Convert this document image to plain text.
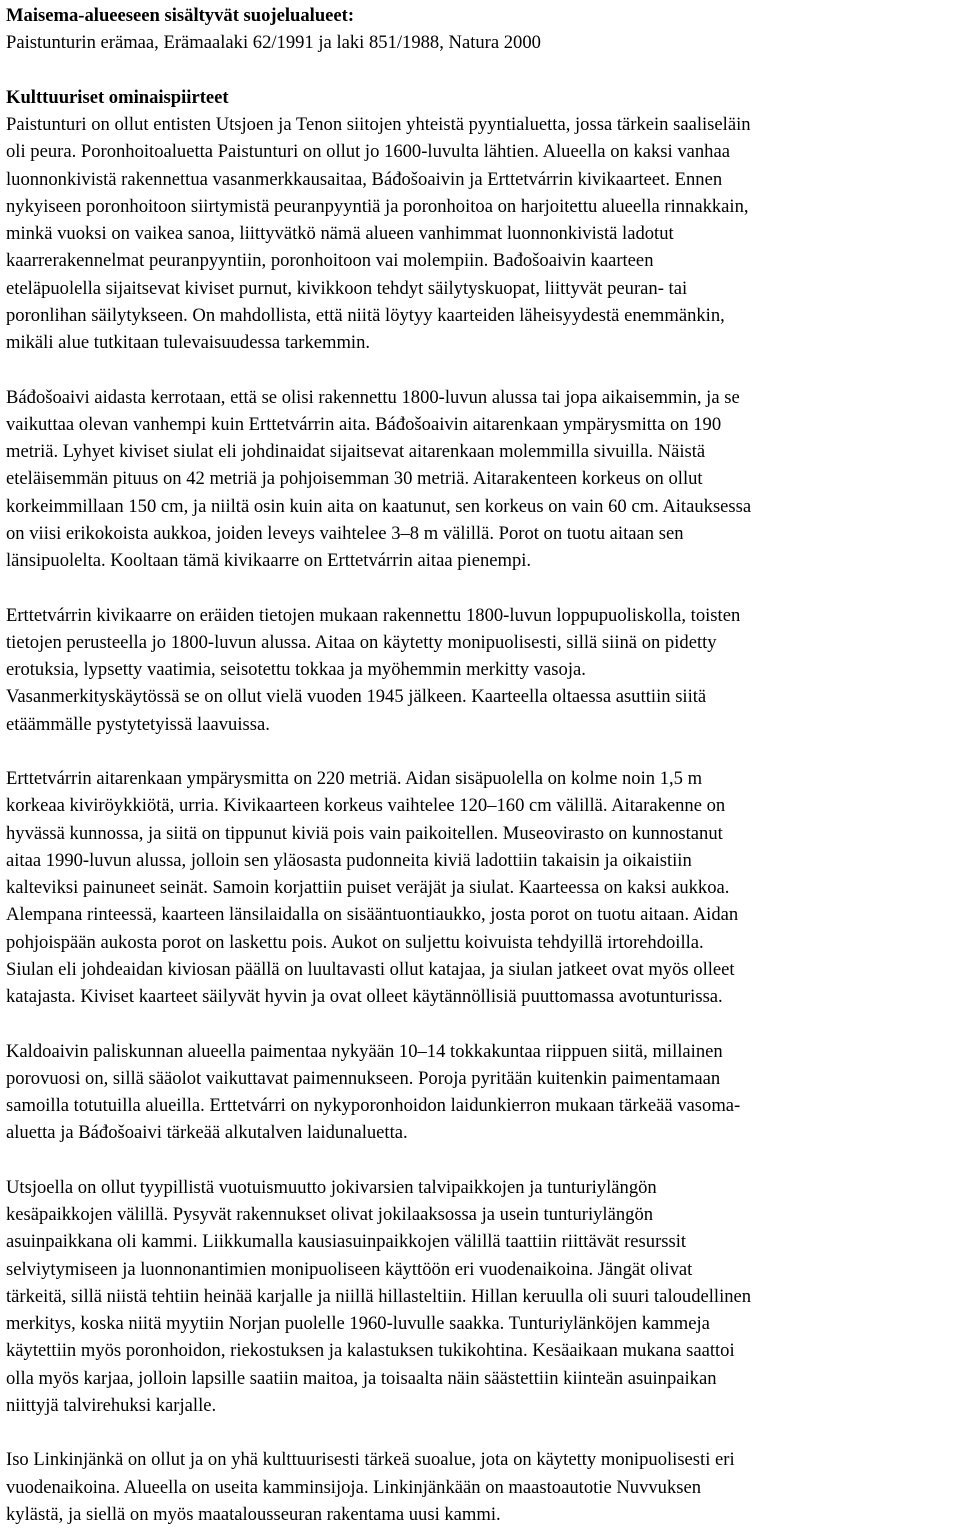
Maisema-alueeseen sisältyvät suojelualueet:
Paistunturin erämaa, Erämaalaki 62/1991 ja laki 851/1988, Natura 2000
Kulttuuriset ominaispiirteet
Paistunturi on ollut entisten Utsjoen ja Tenon siitojen yhteistä pyyntialuetta, jossa tärkein saaliseläin
oli peura. Poronhoitoaluetta Paistunturi on ollut jo 1600-luvulta lähtien. Alueella on kaksi vanhaa
luonnonkivistä rakennettua vasanmerkkausaitaa, Báđošoaivin ja Erttetvárrin kivikaarteet. Ennen
nykyiseen poronhoitoon siirtymistä peuranpyyntiä ja poronhoitoa on harjoitettu alueella rinnakkain,
minkä vuoksi on vaikea sanoa, liittyvätkö nämä alueen vanhimmat luonnonkivistä ladotut
kaarrerakennelmat peuranpyyntiin, poronhoitoon vai molempiin. Bađošoaivin kaarteen
eteläpuolella sijaitsevat kiviset purnut, kivikkoon tehdyt säilytyskuopat, liittyvät peuran- tai
poronlihan säilytykseen. On mahdollista, että niitä löytyy kaarteiden läheisyydestä enemmänkin,
mikäli alue tutkitaan tulevaisuudessa tarkemmin.
Báđošoaivi aidasta kerrotaan, että se olisi rakennettu 1800-luvun alussa tai jopa aikaisemmin, ja se
vaikuttaa olevan vanhempi kuin Erttetvárrin aita. Báđošoaivin aitarenkaan ympärysmitta on 190
metriä. Lyhyet kiviset siulat eli johdinaidat sijaitsevat aitarenkaan molemmilla sivuilla. Näistä
eteläisemmän pituus on 42 metriä ja pohjoisemman 30 metriä. Aitarakenteen korkeus on ollut
korkeimmillaan 150 cm, ja niiltä osin kuin aita on kaatunut, sen korkeus on vain 60 cm. Aitauksessa
on viisi erikokoista aukkoa, joiden leveys vaihtelee 3–8 m välillä. Porot on tuotu aitaan sen
länsipuolelta. Kooltaan tämä kivikaarre on Erttetvárrin aitaa pienempi.
Erttetvárrin kivikaarre on eräiden tietojen mukaan rakennettu 1800-luvun loppupuoliskolla, toisten
tietojen perusteella jo 1800-luvun alussa. Aitaa on käytetty monipuolisesti, sillä siinä on pidetty
erotuksia, lypsetty vaatimia, seisotettu tokkaa ja myöhemmin merkitty vasoja.
Vasanmerkityskäytössä se on ollut vielä vuoden 1945 jälkeen. Kaarteella oltaessa asuttiin siitä
etäämmälle pystytetyissä laavuissa.
Erttetvárrin aitarenkaan ympärysmitta on 220 metriä. Aidan sisäpuolella on kolme noin 1,5 m
korkeaa kiviröykkiötä, urria. Kivikaarteen korkeus vaihtelee 120–160 cm välillä. Aitarakenne on
hyvässä kunnossa, ja siitä on tippunut kiviä pois vain paikoitellen. Museovirasto on kunnostanut
aitaa 1990-luvun alussa, jolloin sen yläosasta pudonneita kiviä ladottiin takaisin ja oikaistiin
kalteviksi painuneet seinät. Samoin korjattiin puiset veräjät ja siulat. Kaarteessa on kaksi aukkoa.
Alempana rinteessä, kaarteen länsilaidalla on sisääntuontiaukko, josta porot on tuotu aitaan. Aidan
pohjoispään aukosta porot on laskettu pois. Aukot on suljettu koivuista tehdyillä irtorehdoilla.
Siulan eli johdeaidan kiviosan päällä on luultavasti ollut katajaa, ja siulan jatkeet ovat myös olleet
katajasta. Kiviset kaarteet säilyvät hyvin ja ovat olleet käytännöllisiä puuttomassa avotunturissa.
Kaldoaivin paliskunnan alueella paimentaa nykyään 10–14 tokkakuntaa riippuen siitä, millainen
porovuosi on, sillä sääolot vaikuttavat paimennukseen. Poroja pyritään kuitenkin paimentamaan
samoilla totutuilla alueilla. Erttetvárri on nykyporonhoidon laidunkierron mukaan tärkeää vasoma-
aluetta ja Báđošoaivi tärkeää alkutalven laidunaluetta.
Utsjoella on ollut tyypillistä vuotuismuutto jokivarsien talvipaikkojen ja tunturiylängön
kesäpaikkojen välillä. Pysyvät rakennukset olivat jokilaaksossa ja usein tunturiylängön
asuinpaikkana oli kammi. Liikkumalla kausiasuinpaikkojen välillä taattiin riittävät resurssit
selviytymiseen ja luonnonantimien monipuoliseen käyttöön eri vuodenaikoina. Jängät olivat
tärkeitä, sillä niistä tehtiin heinää karjalle ja niillä hillasteltiin. Hillan keruulla oli suuri taloudellinen
merkitys, koska niitä myytiin Norjan puolelle 1960-luvulle saakka. Tunturiylänköjen kammeja
käytettiin myös poronhoidon, riekostuksen ja kalastuksen tukikohtina. Kesäaikaan mukana saattoi
olla myös karjaa, jolloin lapsille saatiin maitoa, ja toisaalta näin säästettiin kiinteän asuinpaikan
niittyjä talvirehuksi karjalle.
Iso Linkinjänkä on ollut ja on yhä kulttuurisesti tärkeä suoalue, jota on käytetty monipuolisesti eri
vuodenaikoina. Alueella on useita kamminsijoja. Linkinjänkään on maastoautotie Nuvvuksen
kylästä, ja siellä on myös maatalousseuran rakentama uusi kammi.
